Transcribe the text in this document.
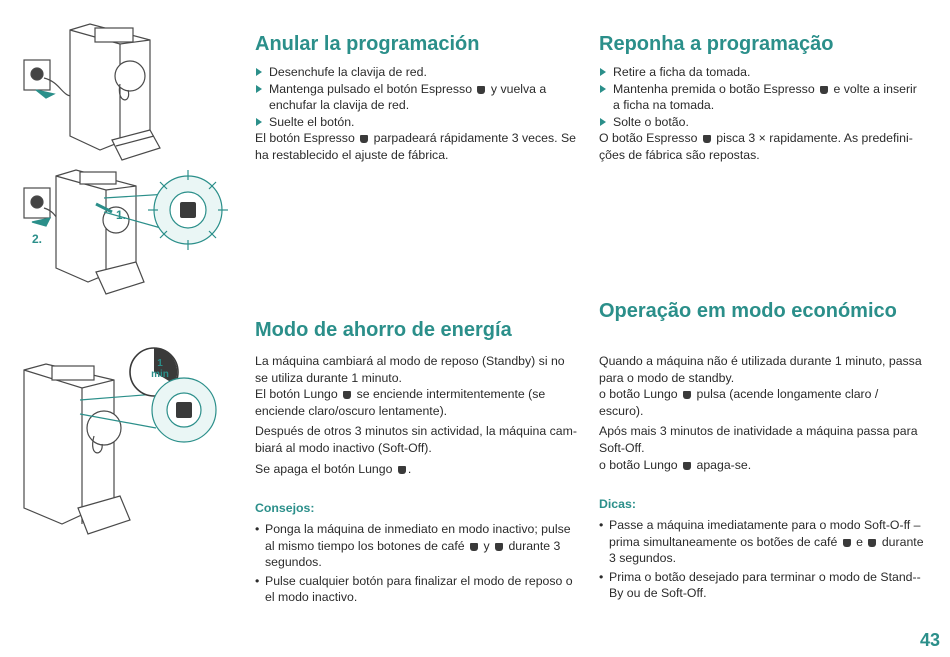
1.
2.
1 min
Anular la programación
Desenchufe la clavija de red.
Mantenga pulsado el botón Espresso y vuelva a enchufar la clavija de red.
Suelte el botón.

El botón Espresso parpadeará rápidamente 3 veces. Se ha restablecido el ajuste de fábrica.

Reponha a programação
Retire a ficha da tomada.
Mantenha premida o botão Espresso e volte a inserir a ficha na tomada.
Solte o botão.

O botão Espresso pisca 3 × rapidamente. As predefini-ções de fábrica são repostas.

Modo de ahorro de energía

La máquina cambiará al modo de reposo (Standby) si no se utiliza durante 1 minuto.

El botón Lungo se enciende intermitentemente (se enciende claro/oscuro lentamente).

Después de otros 3 minutos sin actividad, la máquina cam-biará al modo inactivo (Soft-Off).

Se apaga el botón Lungo .

Consejos:
• Ponga la máquina de inmediato en modo inactivo; pulse al mismo tiempo los botones de café y durante 3 segundos.
• Pulse cualquier botón para finalizar el modo de reposo o el modo inactivo.
Operação em modo económico

Quando a máquina não é utilizada durante 1 minuto, passa para o modo de standby.

o botão Lungo pulsa (acende longamente claro / escuro).

Após mais 3 minutos de inatividade a máquina passa para Soft-Off.

o botão Lungo apaga-se.

Dicas:
• Passe a máquina imediatamente para o modo Soft-O-ff – prima simultaneamente os botões de café e durante 3 segundos.
• Prima o botão desejado para terminar o modo de Stand--By ou de Soft-Off.
43
